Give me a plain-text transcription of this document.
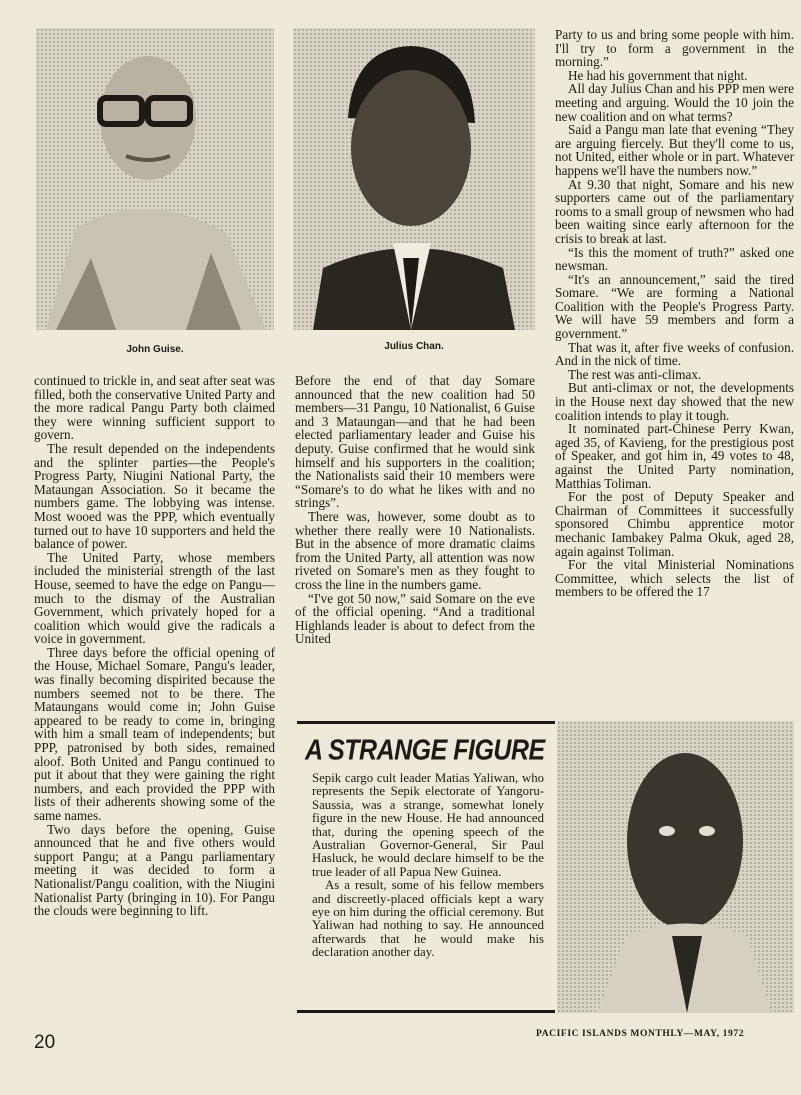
John Guise.	Julius Chan.

continued to trickle in, and seat after seat was filled, both the conservative United Party and the more radical Pangu Party both claimed they were winning sufficient support to govern.

The result depended on the independents and the splinter parties—the People's Progress Party, Niugini National Party, the Mataungan Association. So it became the numbers game. The lobbying was intense. Most wooed was the PPP, which eventually turned out to have 10 supporters and held the balance of power.

The United Party, whose members included the ministerial strength of the last House, seemed to have the edge on Pangu—much to the dismay of the Australian Government, which privately hoped for a coalition which would give the radicals a voice in government.

Three days before the official opening of the House, Michael Somare, Pangu's leader, was finally becoming dispirited because the numbers seemed not to be there. The Mataungans would come in; John Guise appeared to be ready to come in, bringing with him a small team of independents; but PPP, patronised by both sides, remained aloof. Both United and Pangu continued to put it about that they were gaining the right numbers, and each provided the PPP with lists of their adherents showing some of the same names.

Two days before the opening, Guise announced that he and five others would support Pangu; at a Pangu parliamentary meeting it was decided to form a Nationalist/Pangu coalition, with the Niugini Nationalist Party (bringing in 10). For Pangu the clouds were beginning to lift.

Before the end of that day Somare announced that the new coalition had 50 members—31 Pangu, 10 Nationalist, 6 Guise and 3 Mataungan—and that he had been elected parliamentary leader and Guise his deputy. Guise confirmed that he would sink himself and his supporters in the coalition; the Nationalists said their 10 members were “Somare's to do what he likes with and no strings”.

There was, however, some doubt as to whether there really were 10 Nationalists. But in the absence of more dramatic claims from the United Party, all attention was now riveted on Somare's men as they fought to cross the line in the numbers game.

“I've got 50 now,” said Somare on the eve of the official opening. “And a traditional Highlands leader is about to defect from the United

Party to us and bring some people with him. I'll try to form a government in the morning.”

He had his government that night.

All day Julius Chan and his PPP men were meeting and arguing. Would the 10 join the new coalition and on what terms?

Said a Pangu man late that evening “They are arguing fiercely. But they'll come to us, not United, either whole or in part. Whatever happens we'll have the numbers now.”

At 9.30 that night, Somare and his new supporters came out of the parliamentary rooms to a small group of newsmen who had been waiting since early afternoon for the crisis to break at last.

“Is this the moment of truth?” asked one newsman.

“It's an announcement,” said the tired Somare. “We are forming a National Coalition with the People's Progress Party. We will have 59 members and form a government.”

That was it, after five weeks of confusion. And in the nick of time.

The rest was anti-climax.

But anti-climax or not, the developments in the House next day showed that the new coalition intends to play it tough.

It nominated part-Chinese Perry Kwan, aged 35, of Kavieng, for the prestigious post of Speaker, and got him in, 49 votes to 48, against the United Party nomination, Matthias Toliman.

For the post of Deputy Speaker and Chairman of Committees it successfully sponsored Chimbu apprentice motor mechanic Iambakey Palma Okuk, aged 28, again against Toliman.

For the vital Ministerial Nominations Committee, which selects the list of members to be offered the 17

A STRANGE FIGURE

Sepik cargo cult leader Matias Yaliwan, who represents the Sepik electorate of Yangoru-Saussia, was a strange, somewhat lonely figure in the new House. He had announced that, during the opening speech of the Australian Governor-General, Sir Paul Hasluck, he would declare himself to be the true leader of all Papua New Guinea.

As a result, some of his fellow members and discreetly-placed officials kept a wary eye on him during the official ceremony. But Yaliwan had nothing to say. He announced afterwards that he would make his declaration another day.

20	PACIFIC ISLANDS MONTHLY—MAY, 1972
